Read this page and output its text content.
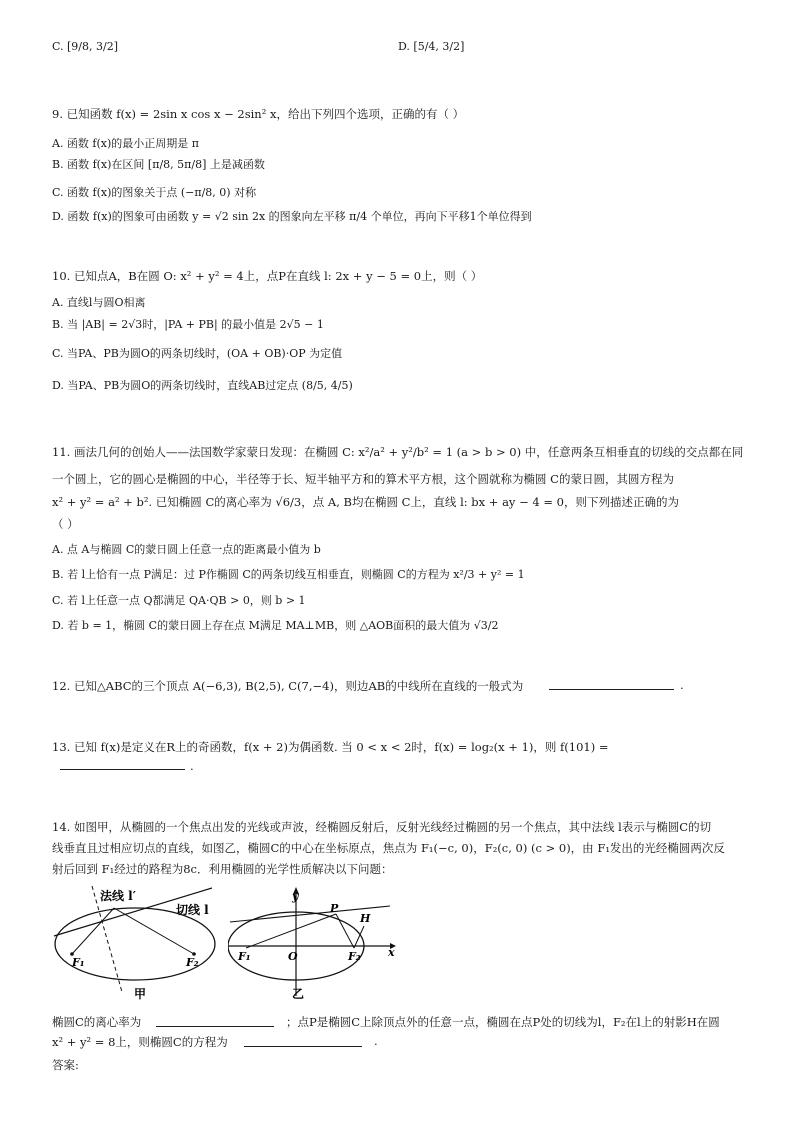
C. [9/8, 3/2]	D. [5/4, 3/2]
9. 已知函数 f(x) = 2sin x cos x − 2sin² x，给出下列四个选项，正确的有（ ）
A. 函数 f(x)的最小正周期是 π
B. 函数 f(x)在区间 [π/8, 5π/8] 上是减函数
C. 函数 f(x)的图象关于点 (−π/8, 0) 对称
D. 函数 f(x)的图象可由函数 y = √2 sin 2x 的图象向左平移 π/4 个单位，再向下平移1个单位得到
10. 已知点A，B在圆 O: x² + y² = 4上，点P在直线 l: 2x + y − 5 = 0上，则（ ）
A. 直线l与圆O相离
B. 当 |AB| = 2√3时，|PA + PB| 的最小值是 2√5 − 1
C. 当PA、PB为圆O的两条切线时，(OA + OB)·OP 为定值
D. 当PA、PB为圆O的两条切线时，直线AB过定点 (8/5, 4/5)
11. 画法几何的创始人——法国数学家蒙日发现：在椭圆 C: x²/a² + y²/b² = 1 (a > b > 0) 中，任意两条互相垂直的切线的交点都在同
一个圆上，它的圆心是椭圆的中心，半径等于长、短半轴平方和的算术平方根，这个圆就称为椭圆 C的蒙日圆，其圆方程为
x² + y² = a² + b². 已知椭圆 C的离心率为 √6/3，点 A, B均在椭圆 C上，直线 l: bx + ay − 4 = 0，则下列描述正确的为
（ ）
A. 点 A与椭圆 C的蒙日圆上任意一点的距离最小值为 b
B. 若 l上恰有一点 P满足：过 P作椭圆 C的两条切线互相垂直，则椭圆 C的方程为 x²/3 + y² = 1
C. 若 l上任意一点 Q都满足 QA·QB > 0，则 b > 1
D. 若 b = 1，椭圆 C的蒙日圆上存在点 M满足 MA⊥MB，则 △AOB面积的最大值为 √3/2
12. 已知△ABC的三个顶点 A(−6,3), B(2,5), C(7,−4)，则边AB的中线所在直线的一般式为	.
13. 已知 f(x)是定义在R上的奇函数，f(x + 2)为偶函数. 当 0 < x < 2时，f(x) = log₂(x + 1)，则 f(101) =
.
14. 如图甲，从椭圆的一个焦点出发的光线或声波，经椭圆反射后，反射光线经过椭圆的另一个焦点，其中法线 l表示与椭圆C的切
线垂直且过相应切点的直线，如图乙，椭圆C的中心在坐标原点，焦点为 F₁(−c, 0)，F₂(c, 0) (c > 0)，由 F₁发出的光经椭圆两次反
射后回到 F₁经过的路程为8c．利用椭圆的光学性质解决以下问题：
法线 l′
切线 l
F₁	F₂
甲
y
x
P
H
O
F₁	F₂
乙
椭圆C的离心率为	；点P是椭圆C上除顶点外的任意一点，椭圆在点P处的切线为l，F₂在l上的射影H在圆
x² + y² = 8上，则椭圆C的方程为	.
答案:
